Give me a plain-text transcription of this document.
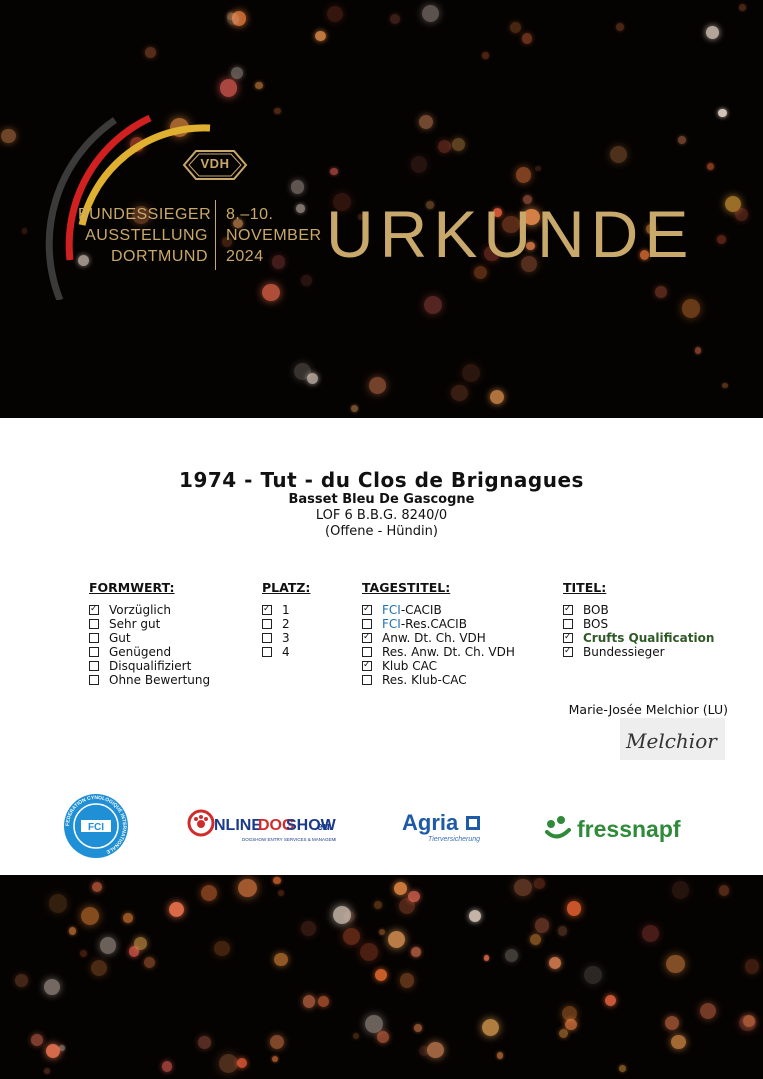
VDH
BUNDESSIEGER
AUSSTELLUNG
DORTMUND
8.–10.
NOVEMBER
2024 URKUNDE
1974 - Tut - du Clos de Brignagues
Basset Bleu De Gascogne
LOF 6 B.B.G. 8240/0
(Offene - Hündin)
FORMWERT:
✓
Vorzüglich
Sehr gut
Gut
Genügend
Disqualifiziert
Ohne Bewertung
PLATZ:
✓
1
2
3
4
TAGESTITEL:
✓
FCI -CACIB
FCI -Res.CACIB
✓
Anw. Dt. Ch. VDH
Res. Anw. Dt. Ch. VDH
✓
Klub CAC
Res. Klub-CAC
TITEL:
✓
BOB
BOS
✓
Crufts Qualification
✓
Bundessieger
Marie-Josée Melchior (LU)
Melchior
FEDERATION CYNOLOGIQUE INTERNATIONALE
FCI	NLINE
DOG
SHOW
.eu
DOGSHOW ENTRY SERVICES & MANAGEMENT
Agria
Tierversicherung	fressnapf
